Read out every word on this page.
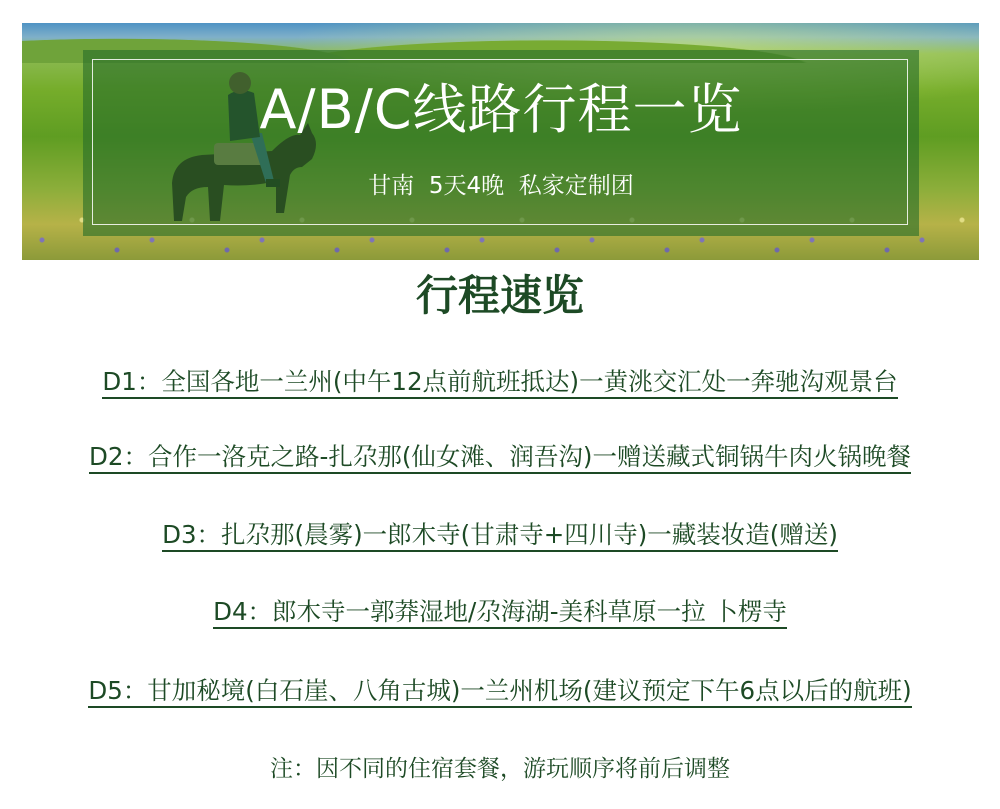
A/B/C线路行程一览
甘南  5天4晚  私家定制团
行程速览
D1：全国各地一兰州(中午12点前航班抵达)一黄洮交汇处一奔驰沟观景台
D2：合作一洛克之路-扎尕那(仙女滩、润吾沟)一赠送藏式铜锅牛肉火锅晚餐
D3：扎尕那(晨雾)一郎木寺(甘肃寺+四川寺)一藏装妆造(赠送)
D4：郎木寺一郭莽湿地/尕海湖-美科草原一拉 卜楞寺
D5：甘加秘境(白石崖、八角古城)一兰州机场(建议预定下午6点以后的航班)
注：因不同的住宿套餐，游玩顺序将前后调整
